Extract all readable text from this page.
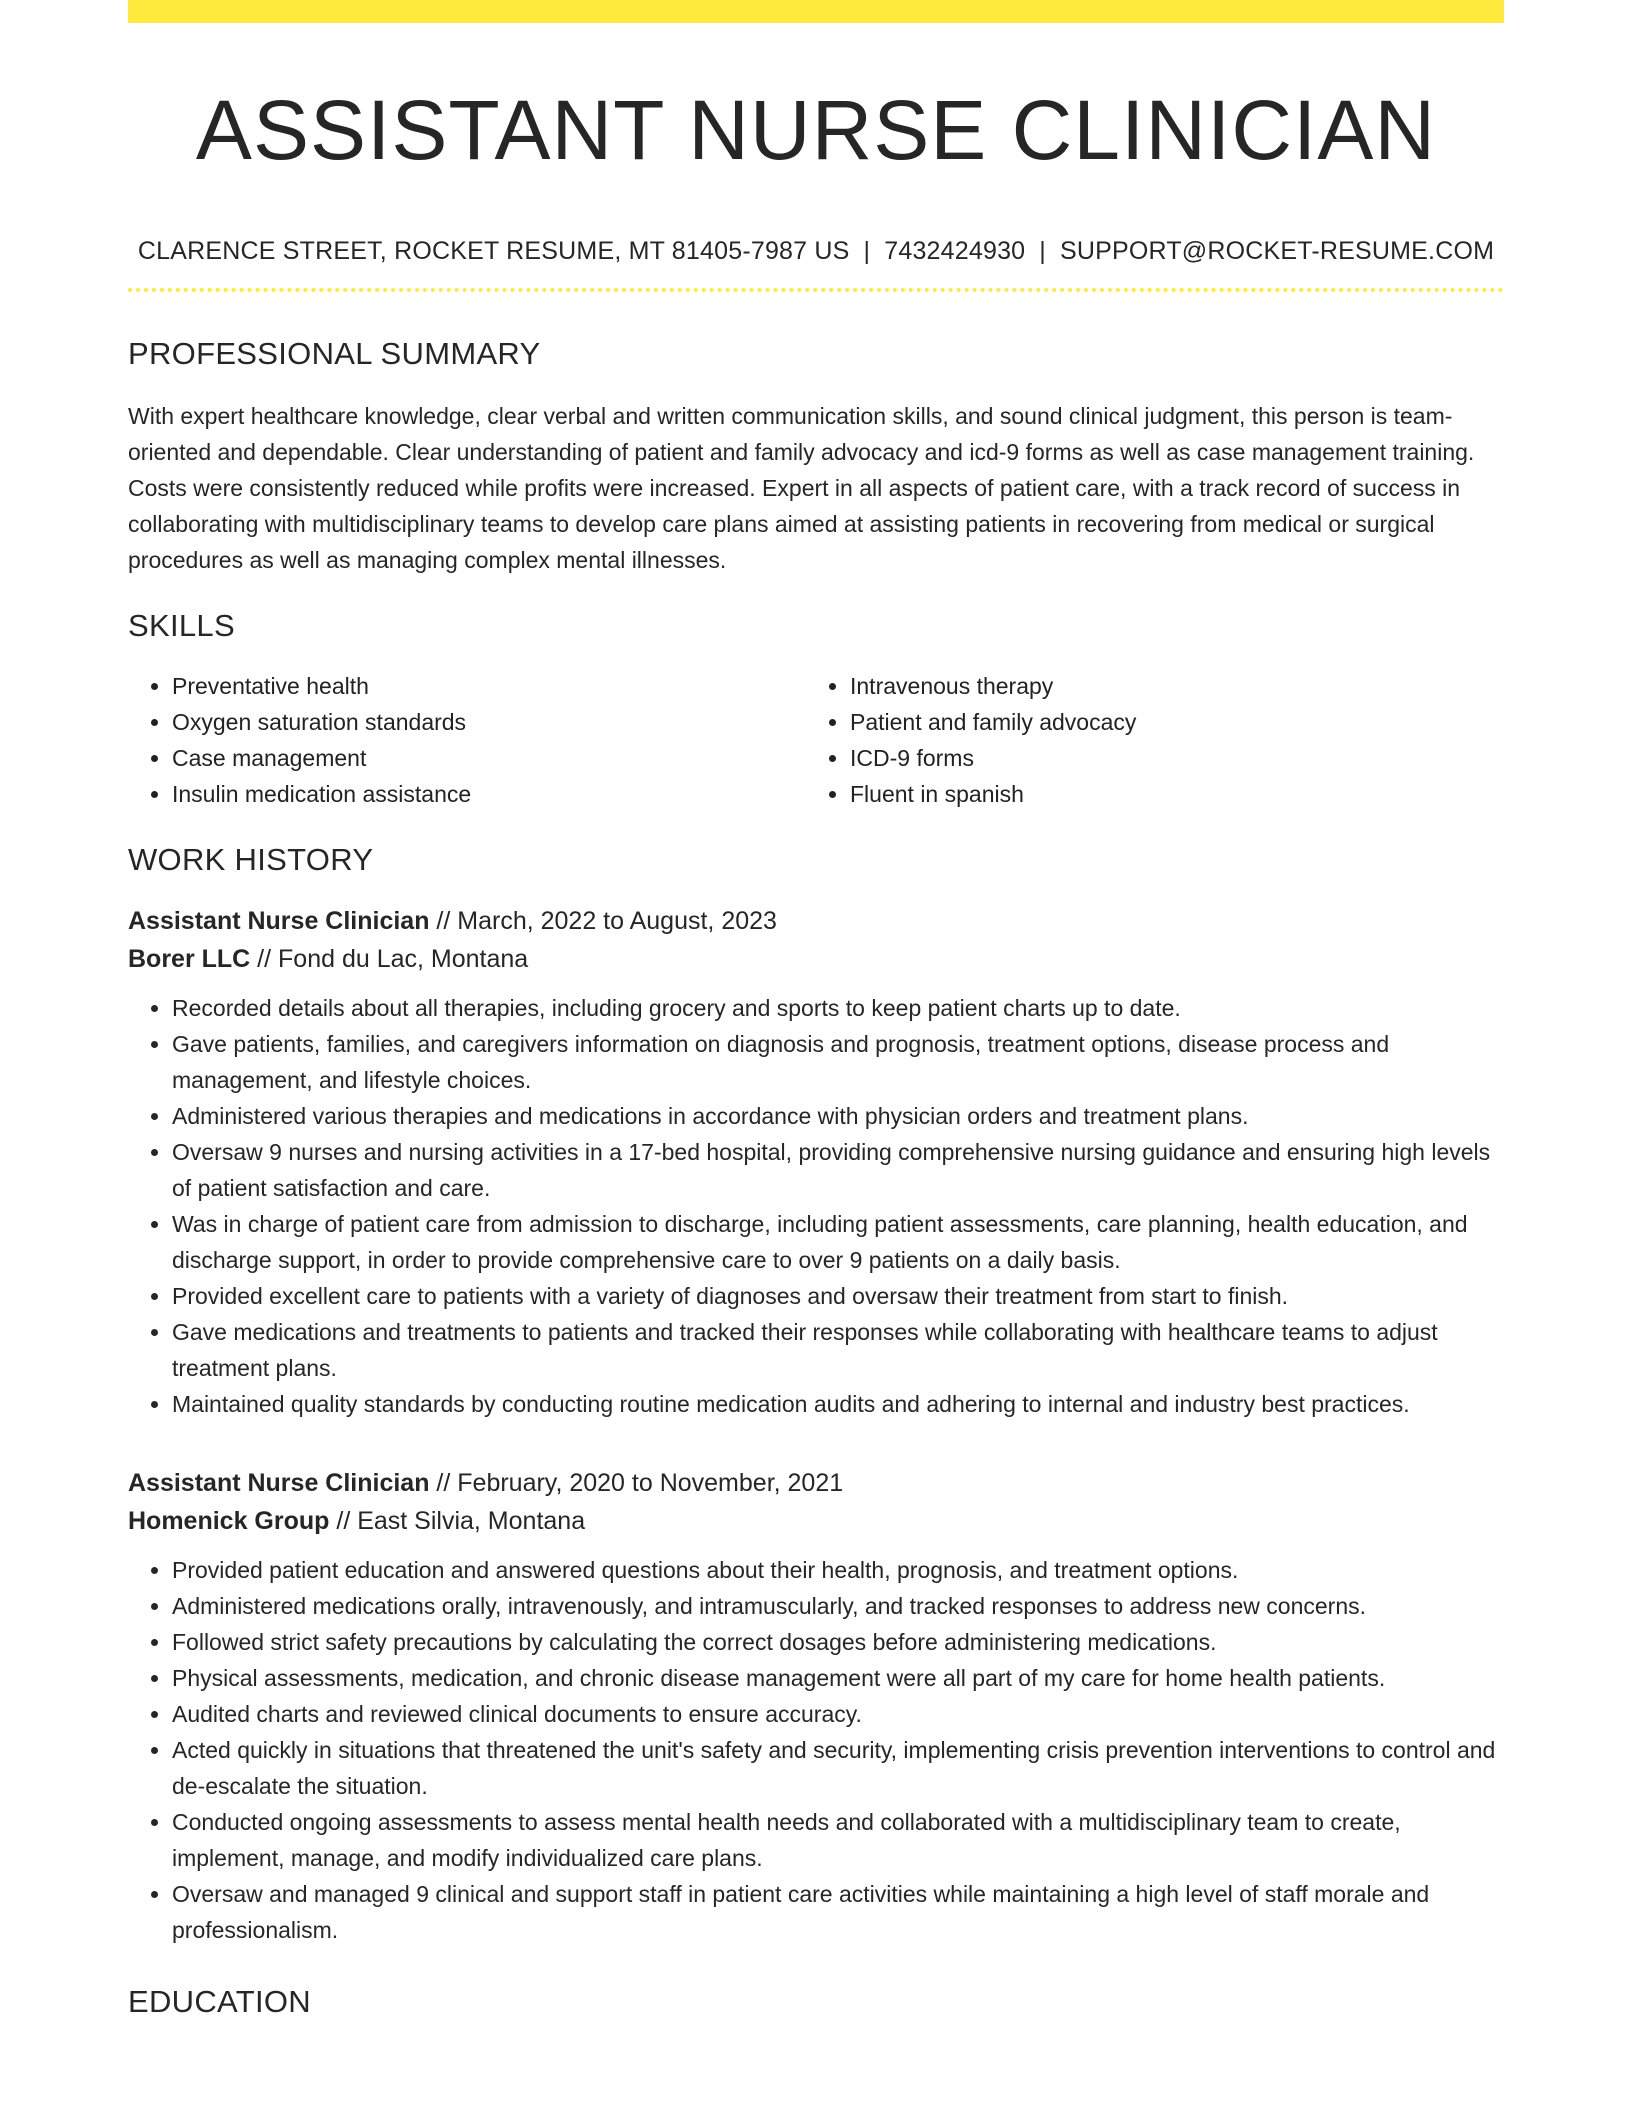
ASSISTANT NURSE CLINICIAN
CLARENCE STREET, ROCKET RESUME, MT 81405-7987 US | 7432424930 | SUPPORT@ROCKET-RESUME.COM
PROFESSIONAL SUMMARY

With expert healthcare knowledge, clear verbal and written communication skills, and sound clinical judgment, this person is team-oriented and dependable. Clear understanding of patient and family advocacy and icd-9 forms as well as case management training. Costs were consistently reduced while profits were increased. Expert in all aspects of patient care, with a track record of success in collaborating with multidisciplinary teams to develop care plans aimed at assisting patients in recovering from medical or surgical procedures as well as managing complex mental illnesses.

SKILLS
• Preventative health
• Oxygen saturation standards
• Case management
• Insulin medication assistance
• Intravenous therapy
• Patient and family advocacy
• ICD-9 forms
• Fluent in spanish
WORK HISTORY
Assistant Nurse Clinician // March, 2022 to August, 2023
Borer LLC // Fond du Lac, Montana
• Recorded details about all therapies, including grocery and sports to keep patient charts up to date.
• Gave patients, families, and caregivers information on diagnosis and prognosis, treatment options, disease process and management, and lifestyle choices.
• Administered various therapies and medications in accordance with physician orders and treatment plans.
• Oversaw 9 nurses and nursing activities in a 17-bed hospital, providing comprehensive nursing guidance and ensuring high levels of patient satisfaction and care.
• Was in charge of patient care from admission to discharge, including patient assessments, care planning, health education, and discharge support, in order to provide comprehensive care to over 9 patients on a daily basis.
• Provided excellent care to patients with a variety of diagnoses and oversaw their treatment from start to finish.
• Gave medications and treatments to patients and tracked their responses while collaborating with healthcare teams to adjust treatment plans.
• Maintained quality standards by conducting routine medication audits and adhering to internal and industry best practices.
Assistant Nurse Clinician // February, 2020 to November, 2021
Homenick Group // East Silvia, Montana
• Provided patient education and answered questions about their health, prognosis, and treatment options.
• Administered medications orally, intravenously, and intramuscularly, and tracked responses to address new concerns.
• Followed strict safety precautions by calculating the correct dosages before administering medications.
• Physical assessments, medication, and chronic disease management were all part of my care for home health patients.
• Audited charts and reviewed clinical documents to ensure accuracy.
• Acted quickly in situations that threatened the unit's safety and security, implementing crisis prevention interventions to control and de-escalate the situation.
• Conducted ongoing assessments to assess mental health needs and collaborated with a multidisciplinary team to create, implement, manage, and modify individualized care plans.
• Oversaw and managed 9 clinical and support staff in patient care activities while maintaining a high level of staff morale and professionalism.
EDUCATION
